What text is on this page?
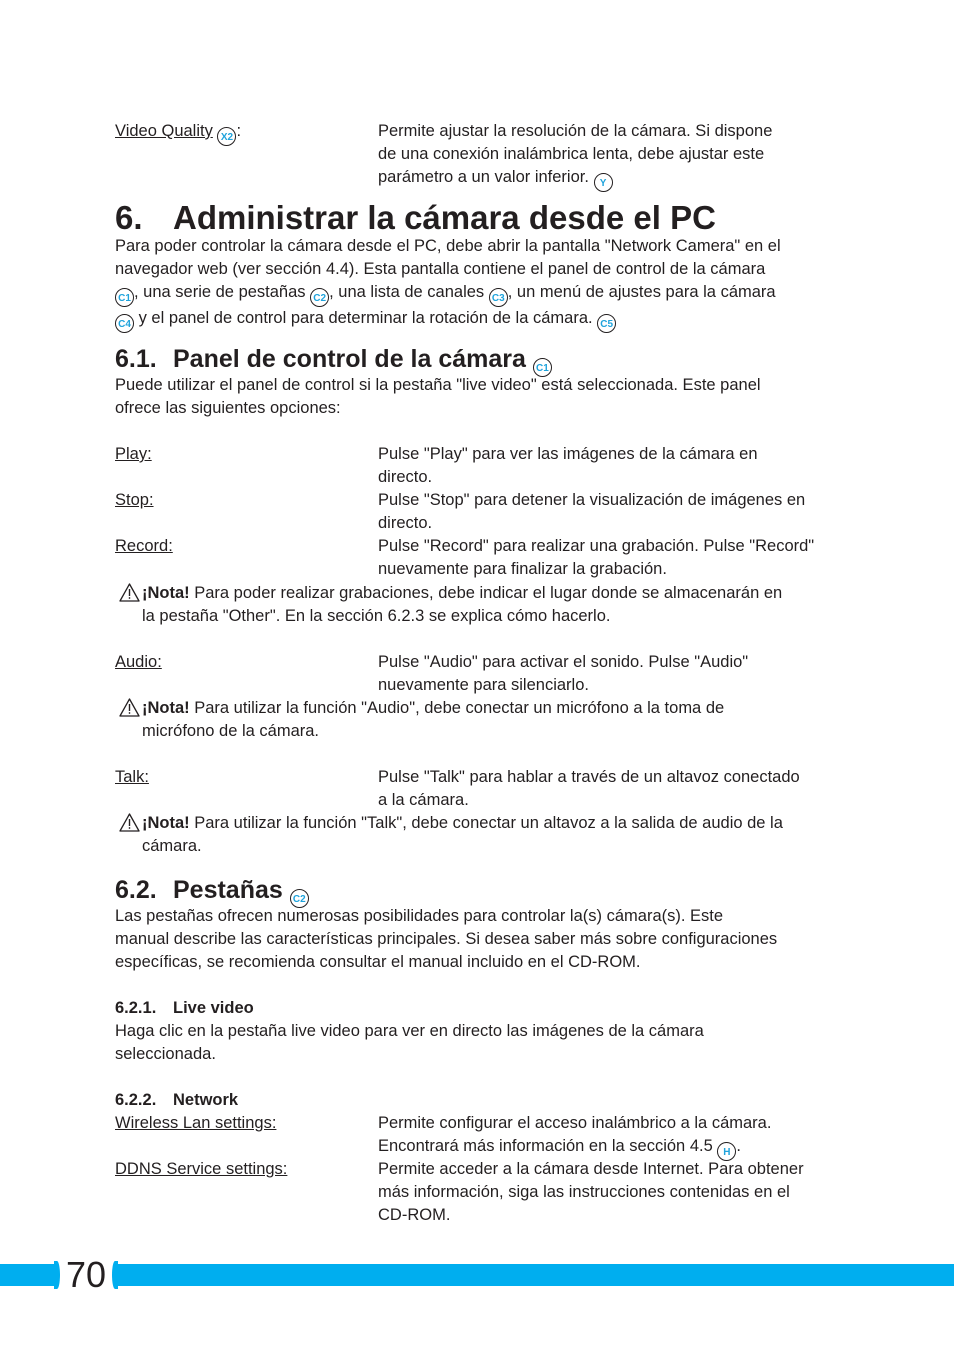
Video Quality X2 :	Permite ajustar la resolución de la cámara. Si dispone
de una conexión inalámbrica lenta, debe ajustar este
parámetro a un valor inferior. Y
6. Administrar la cámara desde el PC
Para poder controlar la cámara desde el PC, debe abrir la pantalla "Network Camera" en el
navegador web (ver sección 4.4). Esta pantalla contiene el panel de control de la cámara
C1 , una serie de pestañas C2 , una lista de canales C3 , un menú de ajustes para la cámara
C4 y el panel de control para determinar la rotación de la cámara. C5
6.1. Panel de control de la cámara C1
Puede utilizar el panel de control si la pestaña "live video" está seleccionada. Este panel
ofrece las siguientes opciones:
Play:	Pulse "Play" para ver las imágenes de la cámara en
directo.
Stop:	Pulse "Stop" para detener la visualización de imágenes en
directo.
Record:	Pulse "Record" para realizar una grabación. Pulse "Record"
nuevamente para finalizar la grabación.
¡Nota! Para poder realizar grabaciones, debe indicar el lugar donde se almacenarán en
la pestaña "Other". En la sección 6.2.3 se explica cómo hacerlo.
Audio:	Pulse "Audio" para activar el sonido. Pulse "Audio"
nuevamente para silenciarlo.
¡Nota! Para utilizar la función "Audio", debe conectar un micrófono a la toma de
micrófono de la cámara.
Talk:	Pulse "Talk" para hablar a través de un altavoz conectado
a la cámara.
¡Nota! Para utilizar la función "Talk", debe conectar un altavoz a la salida de audio de la
cámara.
6.2. Pestañas C2
Las pestañas ofrecen numerosas posibilidades para controlar la(s) cámara(s). Este
manual describe las características principales. Si desea saber más sobre configuraciones
específicas, se recomienda consultar el manual incluido en el CD-ROM.
6.2.1. Live video
Haga clic en la pestaña live video para ver en directo las imágenes de la cámara
seleccionada.
6.2.2. Network
Wireless Lan settings:	Permite configurar el acceso inalámbrico a la cámara.
Encontrará más información en la sección 4.5 H .
DDNS Service settings:	Permite acceder a la cámara desde Internet. Para obtener
más información, siga las instrucciones contenidas en el
CD-ROM.
70
